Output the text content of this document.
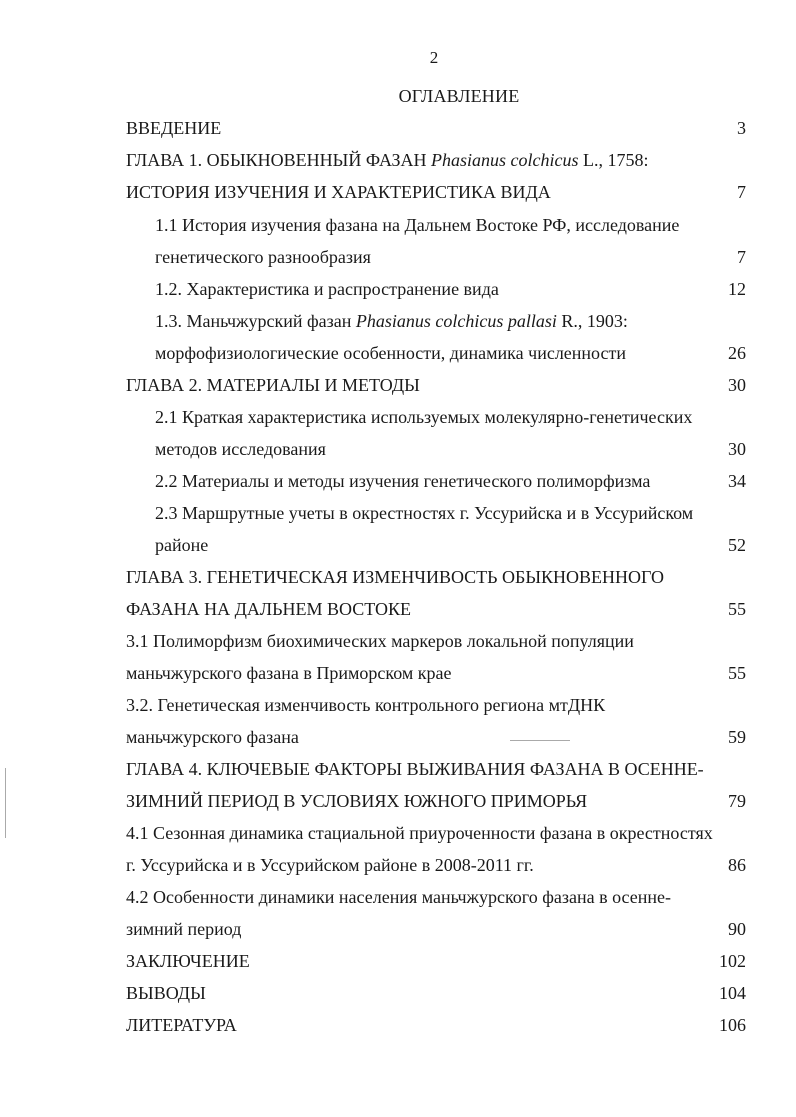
2
ОГЛАВЛЕНИЕ
ВВЕДЕНИЕ	3
ГЛАВА 1. ОБЫКНОВЕННЫЙ ФАЗАН Phasianus colchicus L., 1758:
ИСТОРИЯ ИЗУЧЕНИЯ И ХАРАКТЕРИСТИКА ВИДА	7
1.1 История изучения фазана на Дальнем Востоке РФ, исследование
генетического разнообразия	7
1.2. Характеристика и распространение вида	12
1.3. Маньчжурский фазан Phasianus colchicus pallasi R., 1903:
морфофизиологические особенности, динамика численности	26
ГЛАВА 2. МАТЕРИАЛЫ И МЕТОДЫ	30
2.1 Краткая характеристика используемых молекулярно-генетических
методов исследования	30
2.2 Материалы и методы изучения генетического полиморфизма	34
2.3 Маршрутные учеты в окрестностях г. Уссурийска и в Уссурийском
районе	52
ГЛАВА 3. ГЕНЕТИЧЕСКАЯ ИЗМЕНЧИВОСТЬ ОБЫКНОВЕННОГО
ФАЗАНА НА ДАЛЬНЕМ ВОСТОКЕ	55
3.1 Полиморфизм биохимических маркеров локальной популяции
маньчжурского фазана в Приморском крае	55
3.2. Генетическая изменчивость контрольного региона мтДНК
маньчжурского фазана	59
ГЛАВА 4. КЛЮЧЕВЫЕ ФАКТОРЫ ВЫЖИВАНИЯ ФАЗАНА В ОСЕННЕ-
ЗИМНИЙ ПЕРИОД В УСЛОВИЯХ ЮЖНОГО ПРИМОРЬЯ	79
4.1 Сезонная динамика стациальной приуроченности фазана в окрестностях
г. Уссурийска и в Уссурийском районе в 2008-2011 гг.	86
4.2 Особенности динамики населения маньчжурского фазана в осенне-
зимний период	90
ЗАКЛЮЧЕНИЕ	102
ВЫВОДЫ	104
ЛИТЕРАТУРА	106
